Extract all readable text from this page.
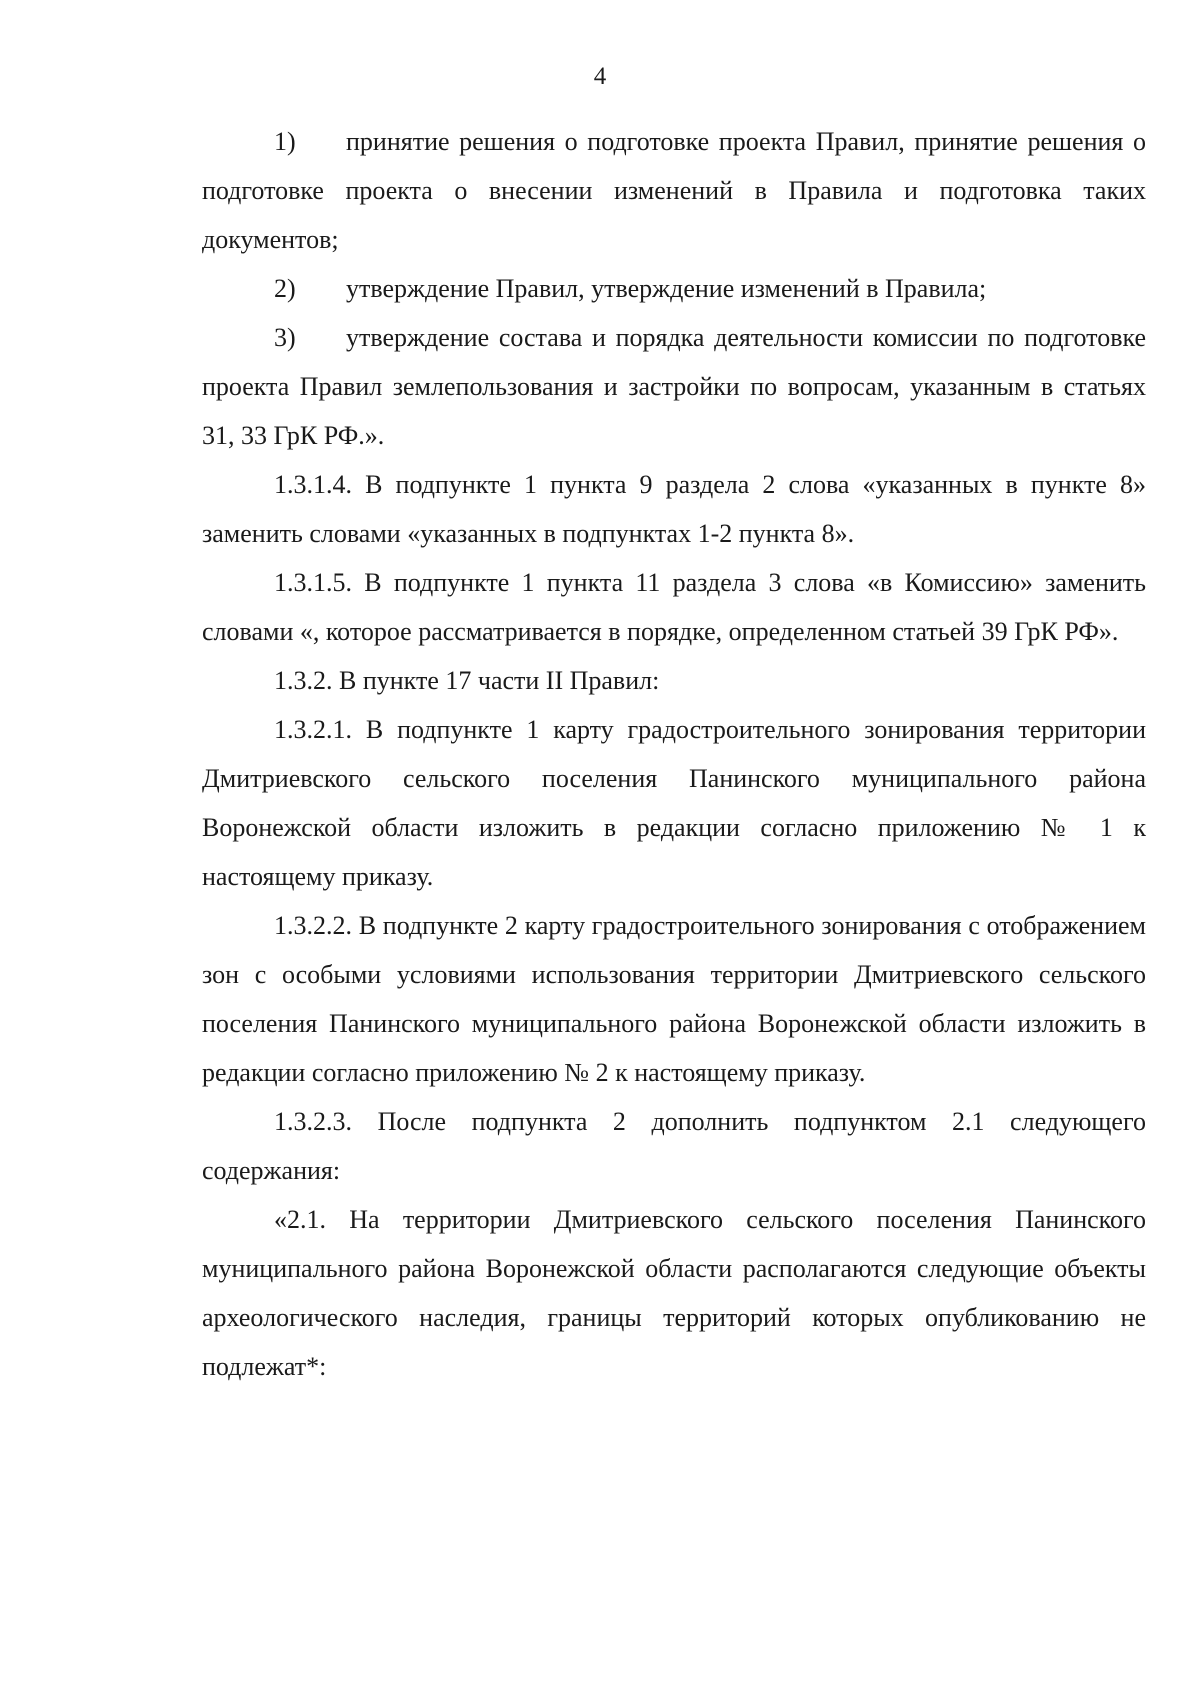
4

1) принятие решения о подготовке проекта Правил, принятие решения о подготовке проекта о внесении изменений в Правила и подготовка таких документов;

2) утверждение Правил, утверждение изменений в Правила;

3) утверждение состава и порядка деятельности комиссии по подготовке проекта Правил землепользования и застройки по вопросам, указанным в статьях 31, 33 ГрК РФ.».

1.3.1.4. В подпункте 1 пункта 9 раздела 2 слова «указанных в пункте 8» заменить словами «указанных в подпунктах 1-2 пункта 8».

1.3.1.5. В подпункте 1 пункта 11 раздела 3 слова «в Комиссию» заменить словами «, которое рассматривается в порядке, определенном статьей 39 ГрК РФ».

1.3.2. В пункте 17 части II Правил:

1.3.2.1. В подпункте 1 карту градостроительного зонирования территории Дмитриевского сельского поселения Панинского муниципального района Воронежской области изложить в редакции согласно приложению № 1 к настоящему приказу.

1.3.2.2. В подпункте 2 карту градостроительного зонирования с отображением зон с особыми условиями использования территории Дмитриевского сельского поселения Панинского муниципального района Воронежской области изложить в редакции согласно приложению № 2 к настоящему приказу.

1.3.2.3. После подпункта 2 дополнить подпунктом 2.1 следующего содержания:

«2.1. На территории Дмитриевского сельского поселения Панинского муниципального района Воронежской области располагаются следующие объекты археологического наследия, границы территорий которых опубликованию не подлежат*:
